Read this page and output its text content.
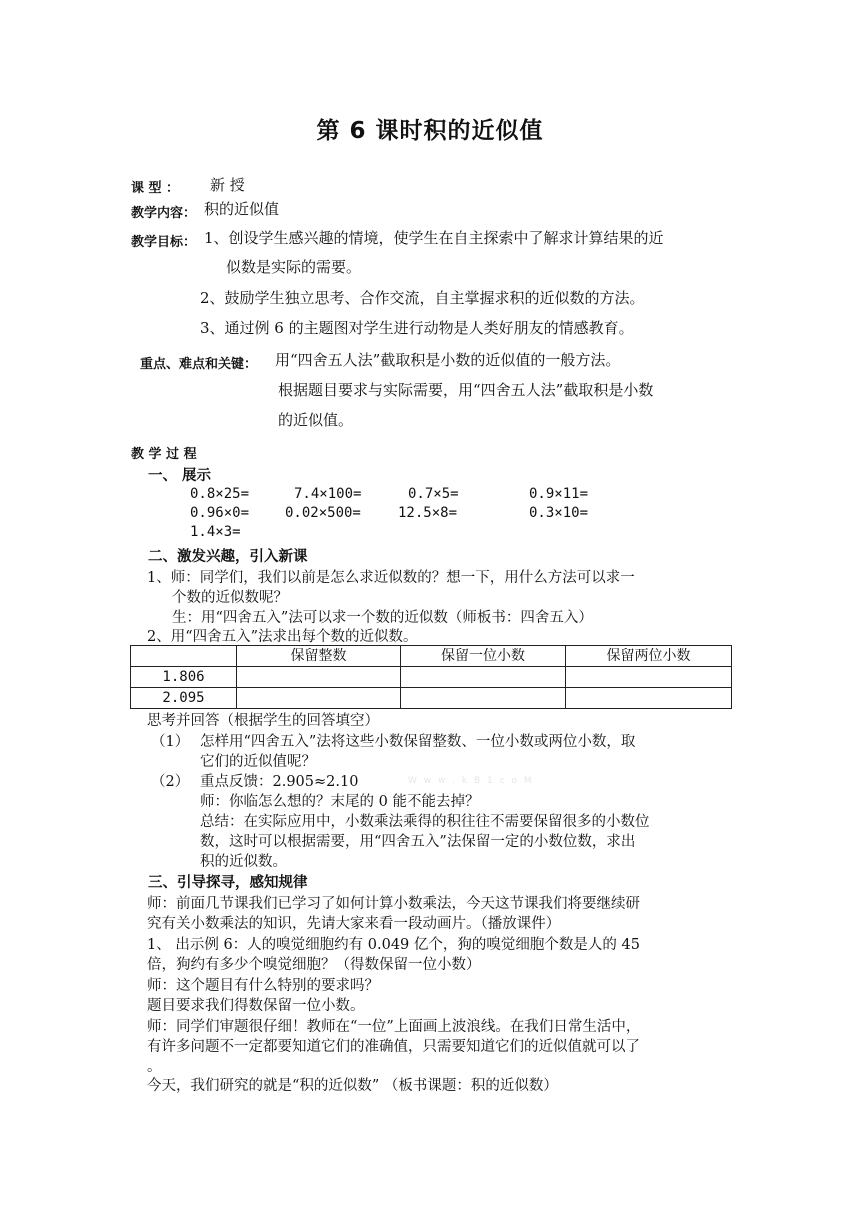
第 6 课时积的近似值
课 型 ： 新 授
教学内容： 积的近似值
教学目标： 1、创设学生感兴趣的情境，使学生在自主探索中了解求计算结果的近
似数是实际的需要。
2、鼓励学生独立思考、合作交流，自主掌握求积的近似数的方法。
3、通过例 6 的主题图对学生进行动物是人类好朋友的情感教育。
重点、难点和关键： 用“四舍五人法”截取积是小数的近似值的一般方法。
根据题目要求与实际需要，用“四舍五人法”截取积是小数
的近似值。
教 学 过 程
一、 展示
0.8×25=	7.4×100=	0.7×5=	0.9×11=
0.96×0=	0.02×500=	12.5×8=	0.3×10=
1.4×3=
二、激发兴趣，引入新课
1、师：同学们，我们以前是怎么求近似数的？想一下，用什么方法可以求一
个数的近似数呢？
生：用“四舍五入”法可以求一个数的近似数（师板书：四舍五入）
2、用“四舍五入”法求出每个数的近似数。
	保留整数	保留一位小数	保留两位小数
1.806			
2.095			
思考并回答（根据学生的回答填空）
（1） 怎样用“四舍五入”法将这些小数保留整数、一位小数或两位小数，取
它们的近似值呢？
（2） 重点反馈：2.905≈2.10	W w w . k B 1 c o M
师：你临怎么想的？末尾的 0 能不能去掉？
总结：在实际应用中，小数乘法乘得的积往往不需要保留很多的小数位
数，这时可以根据需要，用“四舍五入”法保留一定的小数位数，求出
积的近似数。
三、引导探寻，感知规律
师：前面几节课我们已学习了如何计算小数乘法，今天这节课我们将要继续研
究有关小数乘法的知识，先请大家来看一段动画片。（播放课件）
1、 出示例 6：人的嗅觉细胞约有 0.049 亿个，狗的嗅觉细胞个数是人的 45
倍，狗约有多少个嗅觉细胞？（得数保留一位小数）
师：这个题目有什么特别的要求吗？
题目要求我们得数保留一位小数。
师：同学们审题很仔细！教师在“一位”上面画上波浪线。在我们日常生活中，
有许多问题不一定都要知道它们的准确值，只需要知道它们的近似值就可以了
。
今天，我们研究的就是“积的近似数” （板书课题：积的近似数）
